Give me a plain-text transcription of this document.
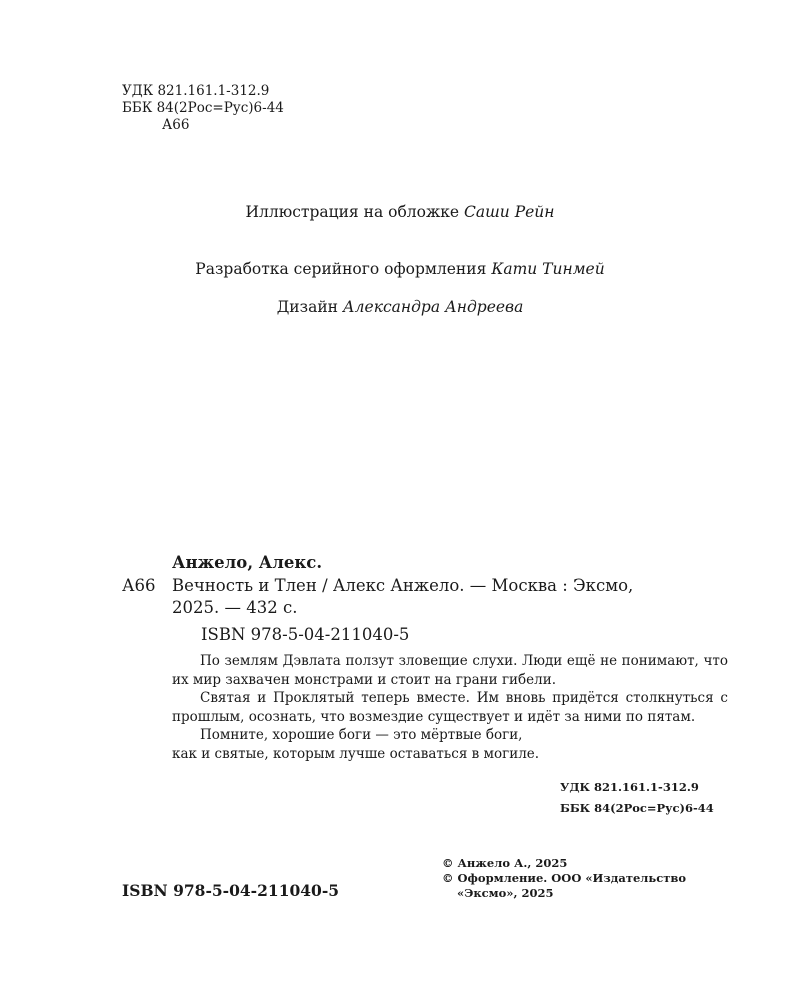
УДК 821.161.1-312.9
ББК 84(2Рос=Рус)6-44
А66
Иллюстрация на обложке Саши Рейн
Разработка серийного оформления Кати Тинмей
Дизайн Александра Андреева
Анжело, Алекс.
А66 Вечность и Тлен / Алекс Анжело. — Москва : Эксмо,
2025. — 432 с.
ISBN 978-5-04-211040-5

По землям Дэвлата ползут зловещие слухи. Люди ещё не понимают, что их мир захвачен монстрами и стоит на грани гибели.

Святая и Проклятый теперь вместе. Им вновь придётся столкнуться с прошлым, осознать, что возмездие существует и идёт за ними по пятам.

Помните, хорошие боги — это мёртвые боги,

как и святые, которым лучше оставаться в могиле.
УДК 821.161.1-312.9
ББК 84(2Рос=Рус)6-44
ISBN 978-5-04-211040-5
© Анжело А., 2025
© Оформление. ООО «Издательство
«Эксмо», 2025
